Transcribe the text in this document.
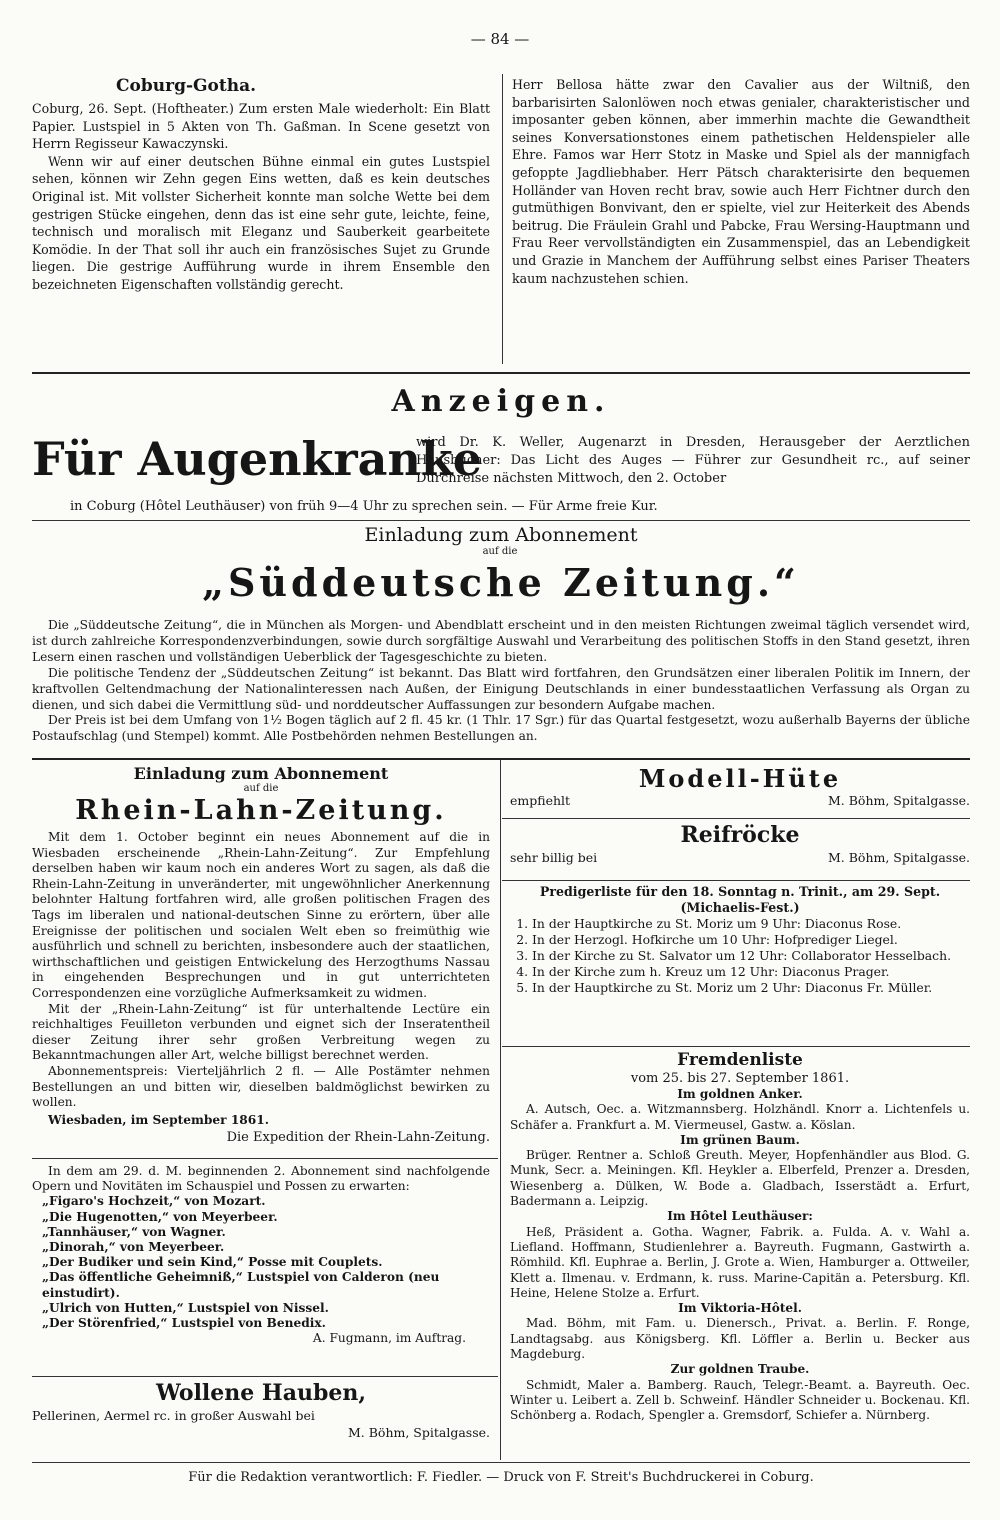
— 84 —
Coburg-Gotha.

Coburg, 26. Sept. (Hoftheater.) Zum ersten Male wiederholt: Ein Blatt Papier. Lustspiel in 5 Akten von Th. Gaßman. In Scene gesetzt von Herrn Regisseur Kawaczynski.

Wenn wir auf einer deutschen Bühne einmal ein gutes Lustspiel sehen, können wir Zehn gegen Eins wetten, daß es kein deutsches Original ist. Mit vollster Sicherheit konnte man solche Wette bei dem gestrigen Stücke eingehen, denn das ist eine sehr gute, leichte, feine, technisch und moralisch mit Eleganz und Sauberkeit gearbeitete Komödie. In der That soll ihr auch ein französisches Sujet zu Grunde liegen. Die gestrige Aufführung wurde in ihrem Ensemble den bezeichneten Eigenschaften vollständig gerecht.

Herr Bellosa hätte zwar den Cavalier aus der Wiltniß, den barbarisirten Salonlöwen noch etwas genialer, charakteristischer und imposanter geben können, aber immerhin machte die Gewandtheit seines Konversationstones einem pathetischen Heldenspieler alle Ehre. Famos war Herr Stotz in Maske und Spiel als der mannigfach gefoppte Jagdliebhaber. Herr Pätsch charakterisirte den bequemen Holländer van Hoven recht brav, sowie auch Herr Fichtner durch den gutmüthigen Bonvivant, den er spielte, viel zur Heiterkeit des Abends beitrug. Die Fräulein Grahl und Pabcke, Frau Wersing-Hauptmann und Frau Reer vervollständigten ein Zusammenspiel, das an Lebendigkeit und Grazie in Manchem der Aufführung selbst eines Pariser Theaters kaum nachzustehen schien.

Anzeigen.
Für Augenkranke
wird Dr. K. Weller, Augenarzt in Dresden, Herausgeber der Aerztlichen Hausbücher: Das Licht des Auges — Führer zur Gesundheit rc., auf seiner Durchreise nächsten Mittwoch, den 2. October
in Coburg (Hôtel Leuthäuser) von früh 9—4 Uhr zu sprechen sein. — Für Arme freie Kur.
Einladung zum Abonnement
auf die
„Süddeutsche Zeitung.“

Die „Süddeutsche Zeitung“, die in München als Morgen- und Abendblatt erscheint und in den meisten Richtungen zweimal täglich versendet wird, ist durch zahlreiche Korrespondenzverbindungen, sowie durch sorgfältige Auswahl und Verarbeitung des politischen Stoffs in den Stand gesetzt, ihren Lesern einen raschen und vollständigen Ueberblick der Tagesgeschichte zu bieten.

Die politische Tendenz der „Süddeutschen Zeitung“ ist bekannt. Das Blatt wird fortfahren, den Grundsätzen einer liberalen Politik im Innern, der kraftvollen Geltendmachung der Nationalinteressen nach Außen, der Einigung Deutschlands in einer bundesstaatlichen Verfassung als Organ zu dienen, und sich dabei die Vermittlung süd- und norddeutscher Auffassungen zur besondern Aufgabe machen.

Der Preis ist bei dem Umfang von 1½ Bogen täglich auf 2 fl. 45 kr. (1 Thlr. 17 Sgr.) für das Quartal festgesetzt, wozu außerhalb Bayerns der übliche Postaufschlag (und Stempel) kommt. Alle Postbehörden nehmen Bestellungen an.

Einladung zum Abonnement
auf die
Rhein-Lahn-Zeitung.

Mit dem 1. October beginnt ein neues Abonnement auf die in Wiesbaden erscheinende „Rhein-Lahn-Zeitung“. Zur Empfehlung derselben haben wir kaum noch ein anderes Wort zu sagen, als daß die Rhein-Lahn-Zeitung in unveränderter, mit ungewöhnlicher Anerkennung belohnter Haltung fortfahren wird, alle großen politischen Fragen des Tags im liberalen und national-deutschen Sinne zu erörtern, über alle Ereignisse der politischen und socialen Welt eben so freimüthig wie ausführlich und schnell zu berichten, insbesondere auch der staatlichen, wirthschaftlichen und geistigen Entwickelung des Herzogthums Nassau in eingehenden Besprechungen und in gut unterrichteten Correspondenzen eine vorzügliche Aufmerksamkeit zu widmen.

Mit der „Rhein-Lahn-Zeitung“ ist für unterhaltende Lectüre ein reichhaltiges Feuilleton verbunden und eignet sich der Inseratentheil dieser Zeitung ihrer sehr großen Verbreitung wegen zu Bekanntmachungen aller Art, welche billigst berechnet werden.

Abonnementspreis: Vierteljährlich 2 fl. — Alle Postämter nehmen Bestellungen an und bitten wir, dieselben baldmöglichst bewirken zu wollen.

Wiesbaden, im September 1861.

Die Expedition der Rhein-Lahn-Zeitung.

In dem am 29. d. M. beginnenden 2. Abonnement sind nachfolgende Opern und Novitäten im Schauspiel und Possen zu erwarten:

„Figaro's Hochzeit,“ von Mozart.
„Die Hugenotten,“ von Meyerbeer.
„Tannhäuser,“ von Wagner.
„Dinorah,“ von Meyerbeer.
„Der Budiker und sein Kind,“ Posse mit Couplets.
„Das öffentliche Geheimniß,“ Lustspiel von Calderon (neu einstudirt).
„Ulrich von Hutten,“ Lustspiel von Nissel.
„Der Störenfried,“ Lustspiel von Benedix.
A. Fugmann, im Auftrag.
Wollene Hauben,
Pellerinen, Aermel rc. in großer Auswahl bei
M. Böhm, Spitalgasse.
Modell-Hüte
empfiehlt	M. Böhm, Spitalgasse.
Reifröcke
sehr billig bei	M. Böhm, Spitalgasse.
Predigerliste für den 18. Sonntag n. Trinit., am 29. Sept.
(Michaelis-Fest.)
1. In der Hauptkirche zu St. Moriz um 9 Uhr: Diaconus Rose.
2. In der Herzogl. Hofkirche um 10 Uhr: Hofprediger Liegel.
3. In der Kirche zu St. Salvator um 12 Uhr: Collaborator Hesselbach.
4. In der Kirche zum h. Kreuz um 12 Uhr: Diaconus Prager.
5. In der Hauptkirche zu St. Moriz um 2 Uhr: Diaconus Fr. Müller.
Fremdenliste
vom 25. bis 27. September 1861.
Im goldnen Anker.

A. Autsch, Oec. a. Witzmannsberg. Holzhändl. Knorr a. Lichtenfels u. Schäfer a. Frankfurt a. M. Viermeusel, Gastw. a. Köslan.

Im grünen Baum.

Brüger. Rentner a. Schloß Greuth. Meyer, Hopfenhändler aus Blod. G. Munk, Secr. a. Meiningen. Kfl. Heykler a. Elberfeld, Prenzer a. Dresden, Wiesenberg a. Dülken, W. Bode a. Gladbach, Isserstädt a. Erfurt, Badermann a. Leipzig.

Im Hôtel Leuthäuser:

Heß, Präsident a. Gotha. Wagner, Fabrik. a. Fulda. A. v. Wahl a. Liefland. Hoffmann, Studienlehrer a. Bayreuth. Fugmann, Gastwirth a. Römhild. Kfl. Euphrae a. Berlin, J. Grote a. Wien, Hamburger a. Ottweiler, Klett a. Ilmenau. v. Erdmann, k. russ. Marine-Capitän a. Petersburg. Kfl. Heine, Helene Stolze a. Erfurt.

Im Viktoria-Hôtel.

Mad. Böhm, mit Fam. u. Dienersch., Privat. a. Berlin. F. Ronge, Landtagsabg. aus Königsberg. Kfl. Löffler a. Berlin u. Becker aus Magdeburg.

Zur goldnen Traube.

Schmidt, Maler a. Bamberg. Rauch, Telegr.-Beamt. a. Bayreuth. Oec. Winter u. Leibert a. Zell b. Schweinf. Händler Schneider u. Bockenau. Kfl. Schönberg a. Rodach, Spengler a. Gremsdorf, Schiefer a. Nürnberg.

Für die Redaktion verantwortlich: F. Fiedler. — Druck von F. Streit's Buchdruckerei in Coburg.
